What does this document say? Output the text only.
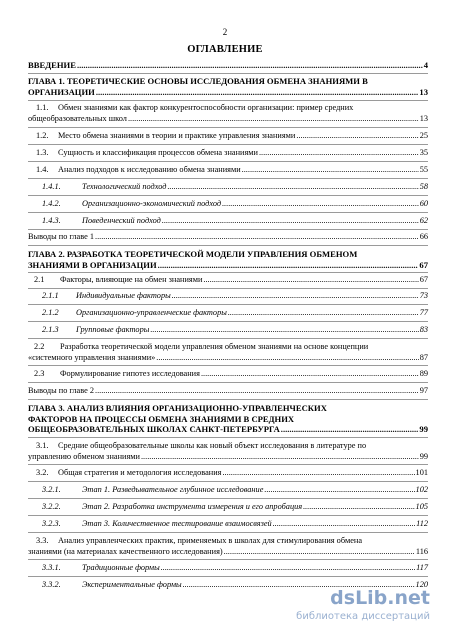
2
ОГЛАВЛЕНИЕ
ВВЕДЕНИЕ .....	4
ГЛАВА 1. ТЕОРЕТИЧЕСКИЕ ОСНОВЫ ИССЛЕДОВАНИЯ ОБМЕНА ЗНАНИЯМИ В
ОРГАНИЗАЦИИ .....	13
1.1.	Обмен знаниями как фактор конкурентоспособности организации: пример средних
общеобразовательных школ .....	13
1.2.	Место обмена знаниями в теории и практике управления знаниями .....	25
1.3.	Сущность и классификация процессов обмена знаниями .....	35
1.4.	Анализ подходов к исследованию обмена знаниями .....	55
1.4.1.	Технологический подход .....	58
1.4.2.	Организационно-экономический подход .....	60
1.4.3.	Поведенческий подход .....	62
Выводы по главе 1 .....	66
ГЛАВА 2. РАЗРАБОТКА ТЕОРЕТИЧЕСКОЙ МОДЕЛИ УПРАВЛЕНИЯ ОБМЕНОМ
ЗНАНИЯМИ В ОРГАНИЗАЦИИ .....	67
2.1	Факторы, влияющие на обмен знаниями .....	67
2.1.1	Индивидуальные факторы .....	73
2.1.2	Организационно-управленческие факторы .....	77
2.1.3	Групповые факторы .....	83
2.2	Разработка теоретической модели управления обменом знаниями на основе концепции
«системного управления знаниями» .....	87
2.3	Формулирование гипотез исследования .....	89
Выводы по главе 2 .....	97
ГЛАВА 3. АНАЛИЗ ВЛИЯНИЯ ОРГАНИЗАЦИОННО-УПРАВЛЕНЧЕСКИХ
ФАКТОРОВ НА ПРОЦЕССЫ ОБМЕНА ЗНАНИЯМИ В СРЕДНИХ
ОБЩЕОБРАЗОВАТЕЛЬНЫХ ШКОЛАХ САНКТ-ПЕТЕРБУРГА .....	99
3.1.	Средние общеобразовательные школы как новый объект исследования в литературе по
управлению обменом знаниями .....	99
3.2.	Общая стратегия и методология исследования .....	101
3.2.1.	Этап 1. Разведывательное глубинное исследование .....	102
3.2.2.	Этап 2. Разработка инструмента измерения и его апробация .....	105
3.2.3.	Этап 3. Количественное тестирование взаимосвязей .....	112
3.3.	Анализ управленческих практик, применяемых в школах для стимулирования обмена
знаниями (на материалах качественного исследования) .....	116
3.3.1.	Традиционные формы .....	117
3.3.2.	Экспериментальные формы .....	120
dsLib.net
библиотека диссертаций
